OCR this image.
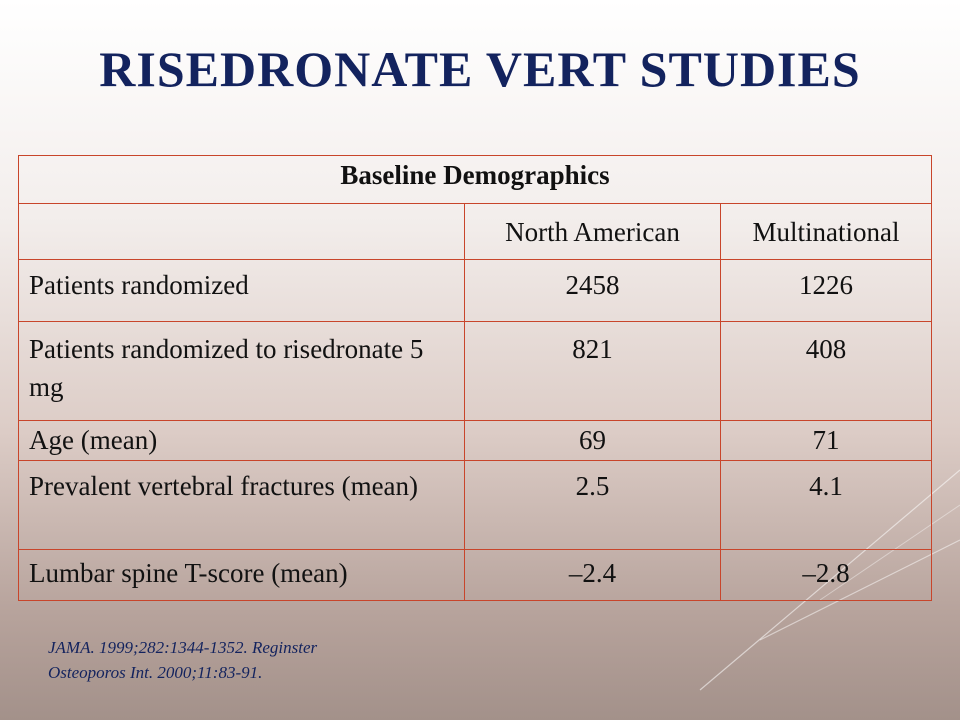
RISEDRONATE VERT STUDIES
Baseline Demographics		
	North American	Multinational
Patients randomized	2458	1226
Patients randomized to risedronate 5 mg	821	408
Age (mean)	69	71
Prevalent vertebral fractures (mean)	2.5	4.1
Lumbar spine T-score (mean)	–2.4	–2.8
JAMA. 1999;282:1344-1352. Reginster
Osteoporos Int. 2000;11:83-91.
